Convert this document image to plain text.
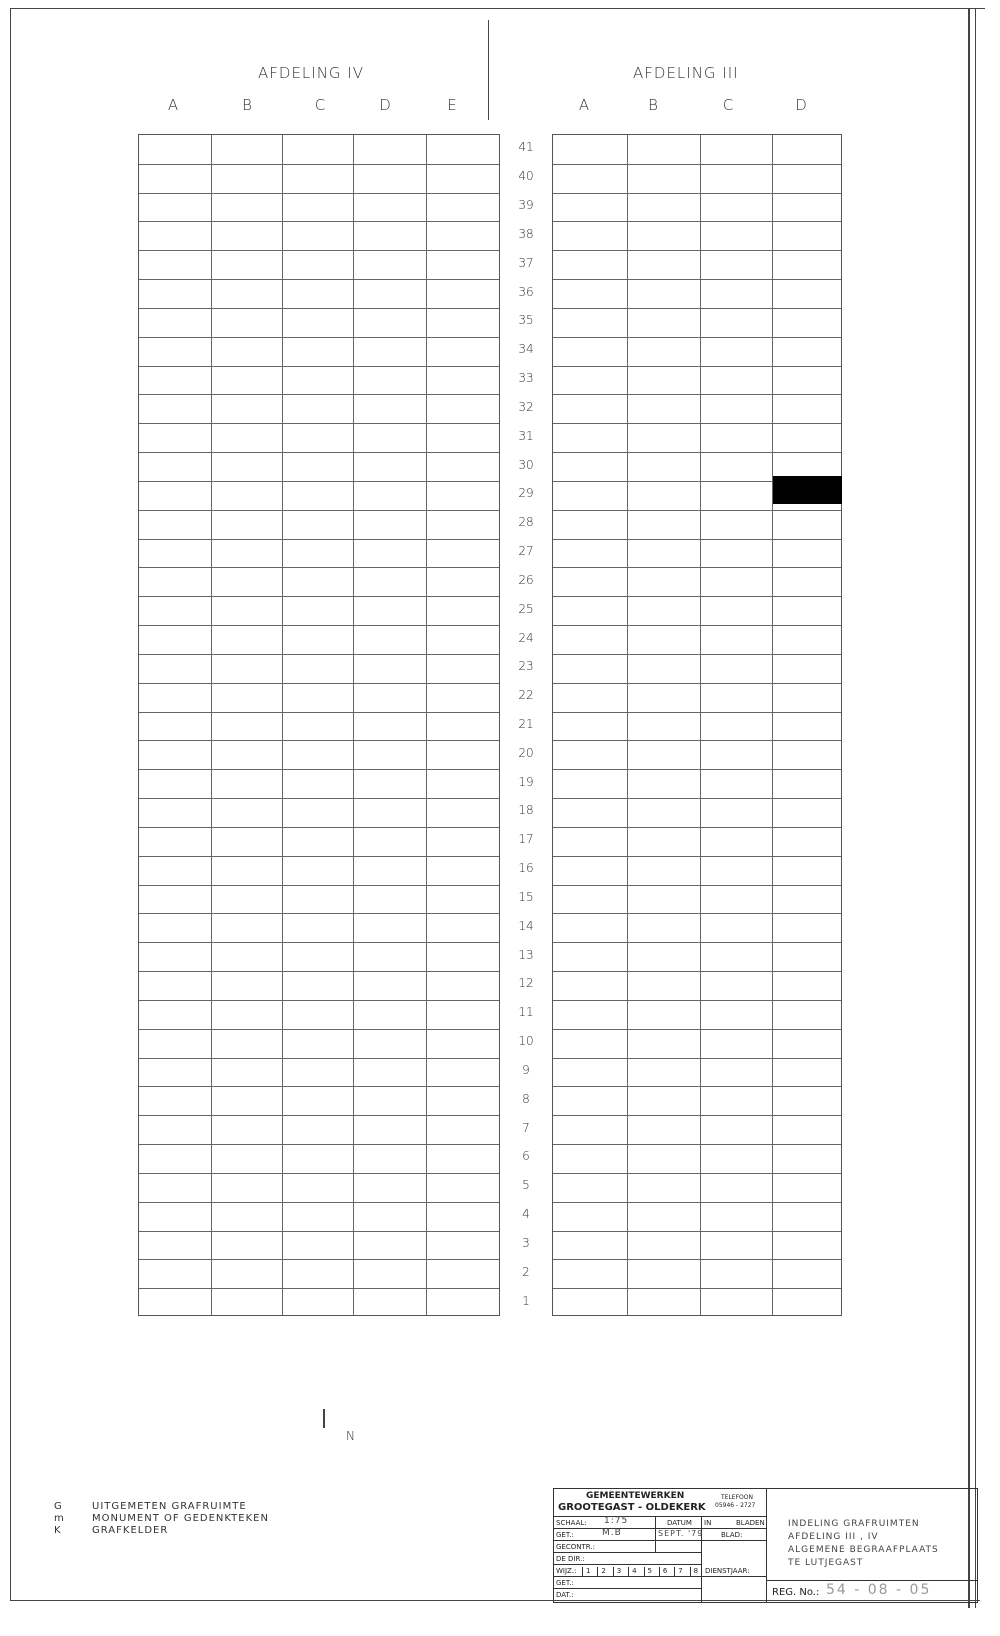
AFDELING IV
A	B	C	D	E
AFDELING III
A	B	C	D
41
40
39
38
37
36
35
34
33
32
31
30
29
28
27
26
25
24
23
22
21
20
19
18
17
16
15
14
13
12
11
10
9
8
7
6
5
4
3
2
1
N
G	UITGEMETEN GRAFRUIMTE
m	MONUMENT OF GEDENKTEKEN
K	GRAFKELDER
GEMEENTEWERKEN
GROOTEGAST - OLDEKERK
TELEFOON
05946 - 2727
SCHAAL: 1:75	DATUM IN	BLADEN
GET.:	M.B	SEPT. '79	BLAD:
GECONTR.:
DE DIR.:
WIJZ.:	1	2	3	4	5	6	7	8 DIENSTJAAR:
GET.:
DAT.:
INDELING GRAFRUIMTEN
AFDELING III , IV
ALGEMENE BEGRAAFPLAATS
TE LUTJEGAST
REG. No.: 54 - 08 - 05
